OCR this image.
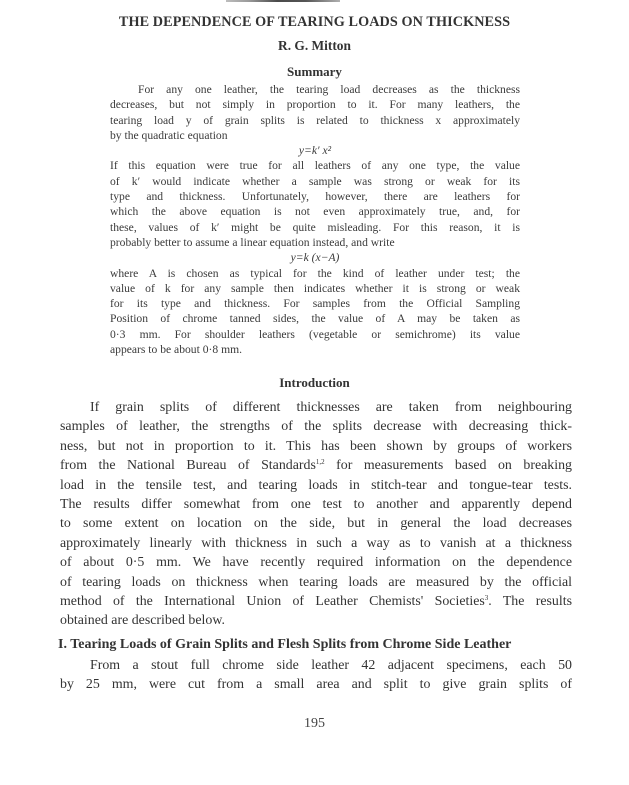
THE DEPENDENCE OF TEARING LOADS ON THICKNESS
R. G. Mitton
Summary

For any one leather, the tearing load decreases as the thickness

decreases, but not simply in proportion to it. For many leathers, the

tearing load y of grain splits is related to thickness x approximately

by the quadratic equation

y=k′ x²

If this equation were true for all leathers of any one type, the value

of k′ would indicate whether a sample was strong or weak for its

type and thickness. Unfortunately, however, there are leathers for

which the above equation is not even approximately true, and, for

these, values of k′ might be quite misleading. For this reason, it is

probably better to assume a linear equation instead, and write

y=k (x−A)

where A is chosen as typical for the kind of leather under test; the

value of k for any sample then indicates whether it is strong or weak

for its type and thickness. For samples from the Official Sampling

Position of chrome tanned sides, the value of A may be taken as

0·3 mm. For shoulder leathers (vegetable or semichrome) its value

appears to be about 0·8 mm.

Introduction

If grain splits of different thicknesses are taken from neighbouring

samples of leather, the strengths of the splits decrease with decreasing thick-

ness, but not in proportion to it. This has been shown by groups of workers

from the National Bureau of Standards$^{1,2}$ for measurements based on breaking

load in the tensile test, and tearing loads in stitch-tear and tongue-tear tests.

The results differ somewhat from one test to another and apparently depend

to some extent on location on the side, but in general the load decreases

approximately linearly with thickness in such a way as to vanish at a thickness

of about 0·5 mm. We have recently required information on the dependence

of tearing loads on thickness when tearing loads are measured by the official

method of the International Union of Leather Chemists' Societies$^3$. The results

obtained are described below.

I. Tearing Loads of Grain Splits and Flesh Splits from Chrome Side Leather

From a stout full chrome side leather 42 adjacent specimens, each 50

by 25 mm, were cut from a small area and split to give grain splits of

195
